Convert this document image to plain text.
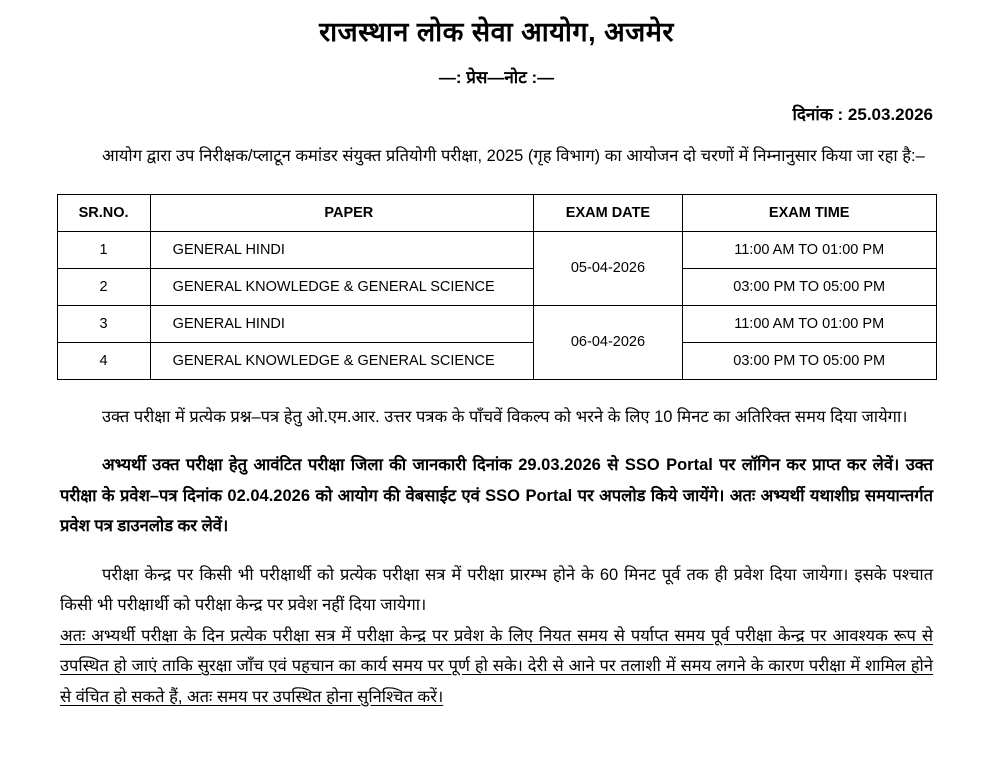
राजस्थान लोक सेवा आयोग, अजमेर
—: प्रेस—नोट :—
दिनांक : 25.03.2026

आयोग द्वारा उप निरीक्षक/प्लाटून कमांडर संयुक्त प्रतियोगी परीक्षा, 2025 (गृह विभाग) का आयोजन दो चरणों में निम्नानुसार किया जा रहा है:–

SR.NO.	PAPER	EXAM DATE	EXAM TIME
1	GENERAL HINDI	05-04-2026	11:00 AM TO 01:00 PM
2	GENERAL KNOWLEDGE & GENERAL SCIENCE		03:00 PM TO 05:00 PM
3	GENERAL HINDI	06-04-2026	11:00 AM TO 01:00 PM
4	GENERAL KNOWLEDGE & GENERAL SCIENCE		03:00 PM TO 05:00 PM

उक्त परीक्षा में प्रत्येक प्रश्न–पत्र हेतु ओ.एम.आर. उत्तर पत्रक के पाँचवें विकल्प को भरने के लिए 10 मिनट का अतिरिक्त समय दिया जायेगा।

अभ्यर्थी उक्त परीक्षा हेतु आवंटित परीक्षा जिला की जानकारी दिनांक 29.03.2026 से SSO Portal पर लॉगिन कर प्राप्त कर लेवें। उक्त परीक्षा के प्रवेश–पत्र दिनांक 02.04.2026 को आयोग की वेबसाईट एवं SSO Portal पर अपलोड किये जायेंगे। अतः अभ्यर्थी यथाशीघ्र समयान्तर्गत प्रवेश पत्र डाउनलोड कर लेवें।

परीक्षा केन्द्र पर किसी भी परीक्षार्थी को प्रत्येक परीक्षा सत्र में परीक्षा प्रारम्भ होने के 60 मिनट पूर्व तक ही प्रवेश दिया जायेगा। इसके पश्चात किसी भी परीक्षार्थी को परीक्षा केन्द्र पर प्रवेश नहीं दिया जायेगा।

अतः अभ्यर्थी परीक्षा के दिन प्रत्येक परीक्षा सत्र में परीक्षा केन्द्र पर प्रवेश के लिए नियत समय से पर्याप्त समय पूर्व परीक्षा केन्द्र पर आवश्यक रूप से उपस्थित हो जाएं ताकि सुरक्षा जाँच एवं पहचान का कार्य समय पर पूर्ण हो सके। देरी से आने पर तलाशी में समय लगने के कारण परीक्षा में शामिल होने से वंचित हो सकते हैं, अतः समय पर उपस्थित होना सुनिश्चित करें।
